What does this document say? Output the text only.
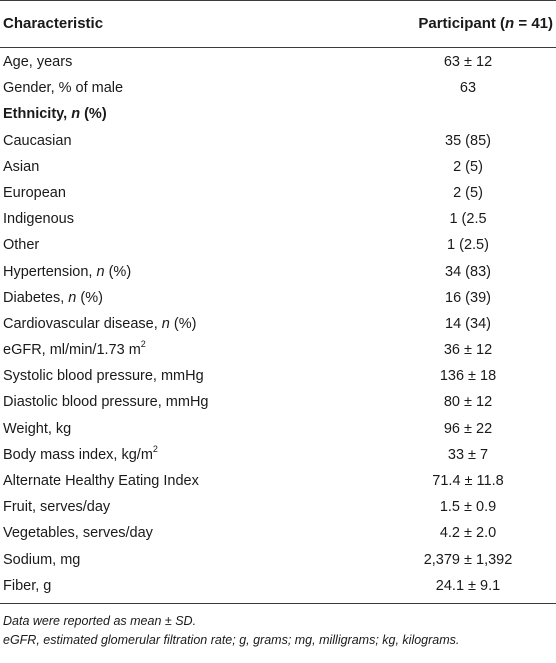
Characteristic	Participant (n = 41)
Age, years	63 ± 12
Gender, % of male	63
Ethnicity, n (%)
Caucasian	35 (85)
Asian	2 (5)
European	2 (5)
Indigenous	1 (2.5
Other	1 (2.5)
Hypertension, n (%)	34 (83)
Diabetes, n (%)	16 (39)
Cardiovascular disease, n (%)	14 (34)
eGFR, ml/min/1.73 $m^2$	36 ± 12
Systolic blood pressure, mmHg	136 ± 18
Diastolic blood pressure, mmHg	80 ± 12
Weight, kg	96 ± 22
Body mass index, $kg/m^2$	33 ± 7
Alternate Healthy Eating Index	71.4 ± 11.8
Fruit, serves/day	1.5 ± 0.9
Vegetables, serves/day	4.2 ± 2.0
Sodium, mg	2,379 ± 1,392
Fiber, g	24.1 ± 9.1
Data were reported as mean ± SD.
eGFR, estimated glomerular filtration rate; g, grams; mg, milligrams; kg, kilograms.
